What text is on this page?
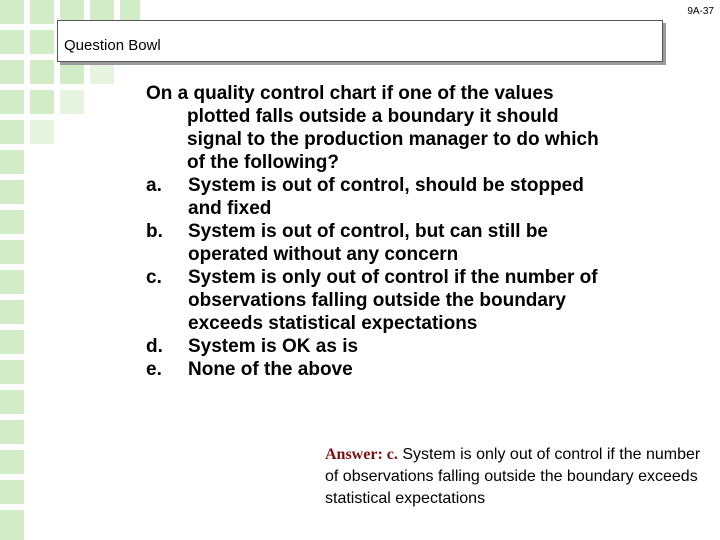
9A-37
Question Bowl

On a quality control chart if one of the values plotted falls outside a boundary it should signal to the production manager to do which of the following?

a.	System is out of control, should be stopped and fixed
b.	System is out of control, but can still be operated without any concern
c.	System is only out of control if the number of observations falling outside the boundary exceeds statistical expectations
d.	System is OK as is
e.	None of the above
Answer: c. System is only out of control if the number of observations falling outside the boundary exceeds statistical expectations
